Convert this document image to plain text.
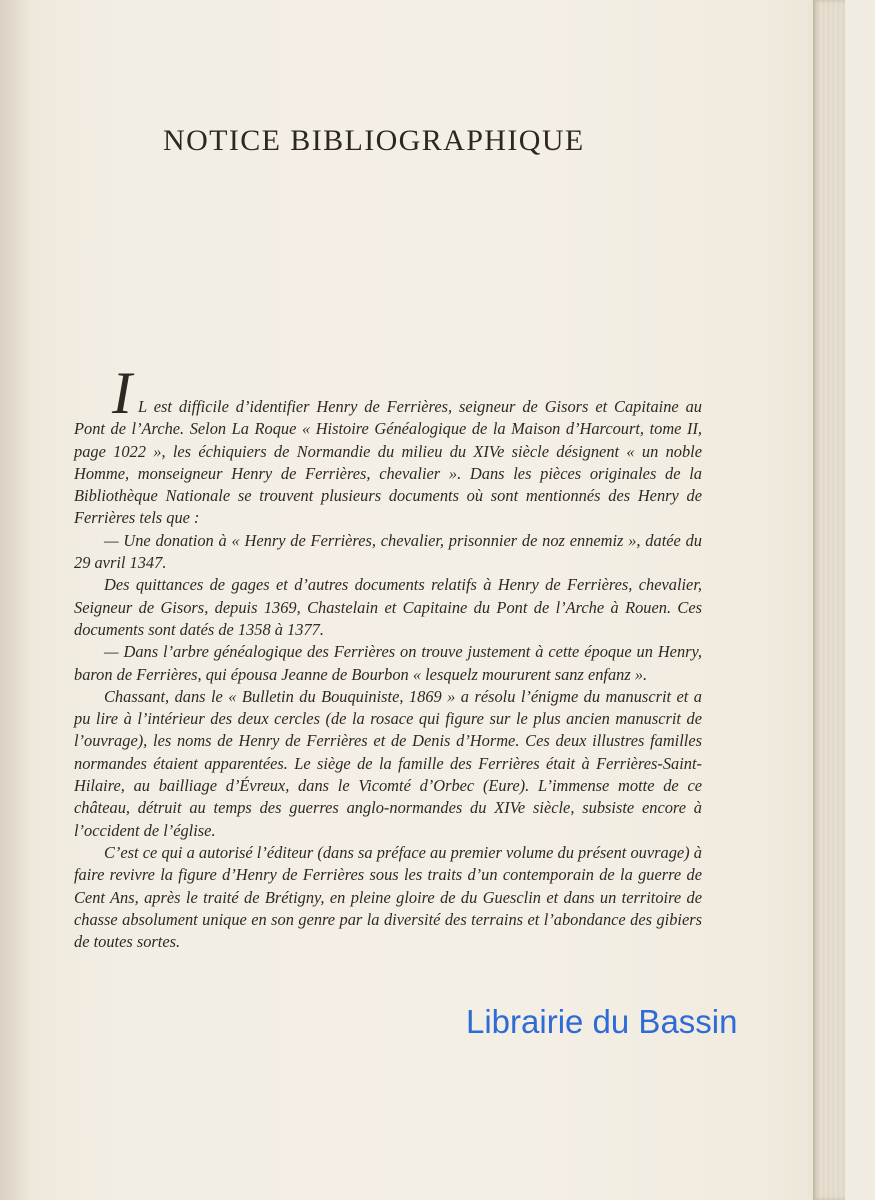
NOTICE BIBLIOGRAPHIQUE

I L est difficile d’identifier Henry de Ferrières, seigneur de Gisors et Capitaine au Pont de l’Arche. Selon La Roque « Histoire Généalogique de la Maison d’Harcourt, tome II, page 1022 », les échiquiers de Normandie du milieu du XIVe siècle désignent « un noble Homme, monseigneur Henry de Ferrières, chevalier ». Dans les pièces originales de la Bibliothèque Nationale se trouvent plusieurs documents où sont mentionnés des Henry de Ferrières tels que :

— Une donation à « Henry de Ferrières, chevalier, prisonnier de noz ennemiz », datée du 29 avril 1347.

Des quittances de gages et d’autres documents relatifs à Henry de Ferrières, chevalier, Seigneur de Gisors, depuis 1369, Chastelain et Capitaine du Pont de l’Arche à Rouen. Ces documents sont datés de 1358 à 1377.

— Dans l’arbre généalogique des Ferrières on trouve justement à cette époque un Henry, baron de Ferrières, qui épousa Jeanne de Bourbon « lesquelz moururent sanz enfanz ».

Chassant, dans le « Bulletin du Bouquiniste, 1869 » a résolu l’énigme du manuscrit et a pu lire à l’intérieur des deux cercles (de la rosace qui figure sur le plus ancien manuscrit de l’ouvrage), les noms de Henry de Ferrières et de Denis d’Horme. Ces deux illustres familles normandes étaient apparentées. Le siège de la famille des Ferrières était à Ferrières-Saint-Hilaire, au bailliage d’Évreux, dans le Vicomté d’Orbec (Eure). L’immense motte de ce château, détruit au temps des guerres anglo-normandes du XIVe siècle, subsiste encore à l’occident de l’église.

C’est ce qui a autorisé l’éditeur (dans sa préface au premier volume du présent ouvrage) à faire revivre la figure d’Henry de Ferrières sous les traits d’un contemporain de la guerre de Cent Ans, après le traité de Brétigny, en pleine gloire de du Guesclin et dans un territoire de chasse absolument unique en son genre par la diversité des terrains et l’abondance des gibiers de toutes sortes.

Librairie du Bassin
